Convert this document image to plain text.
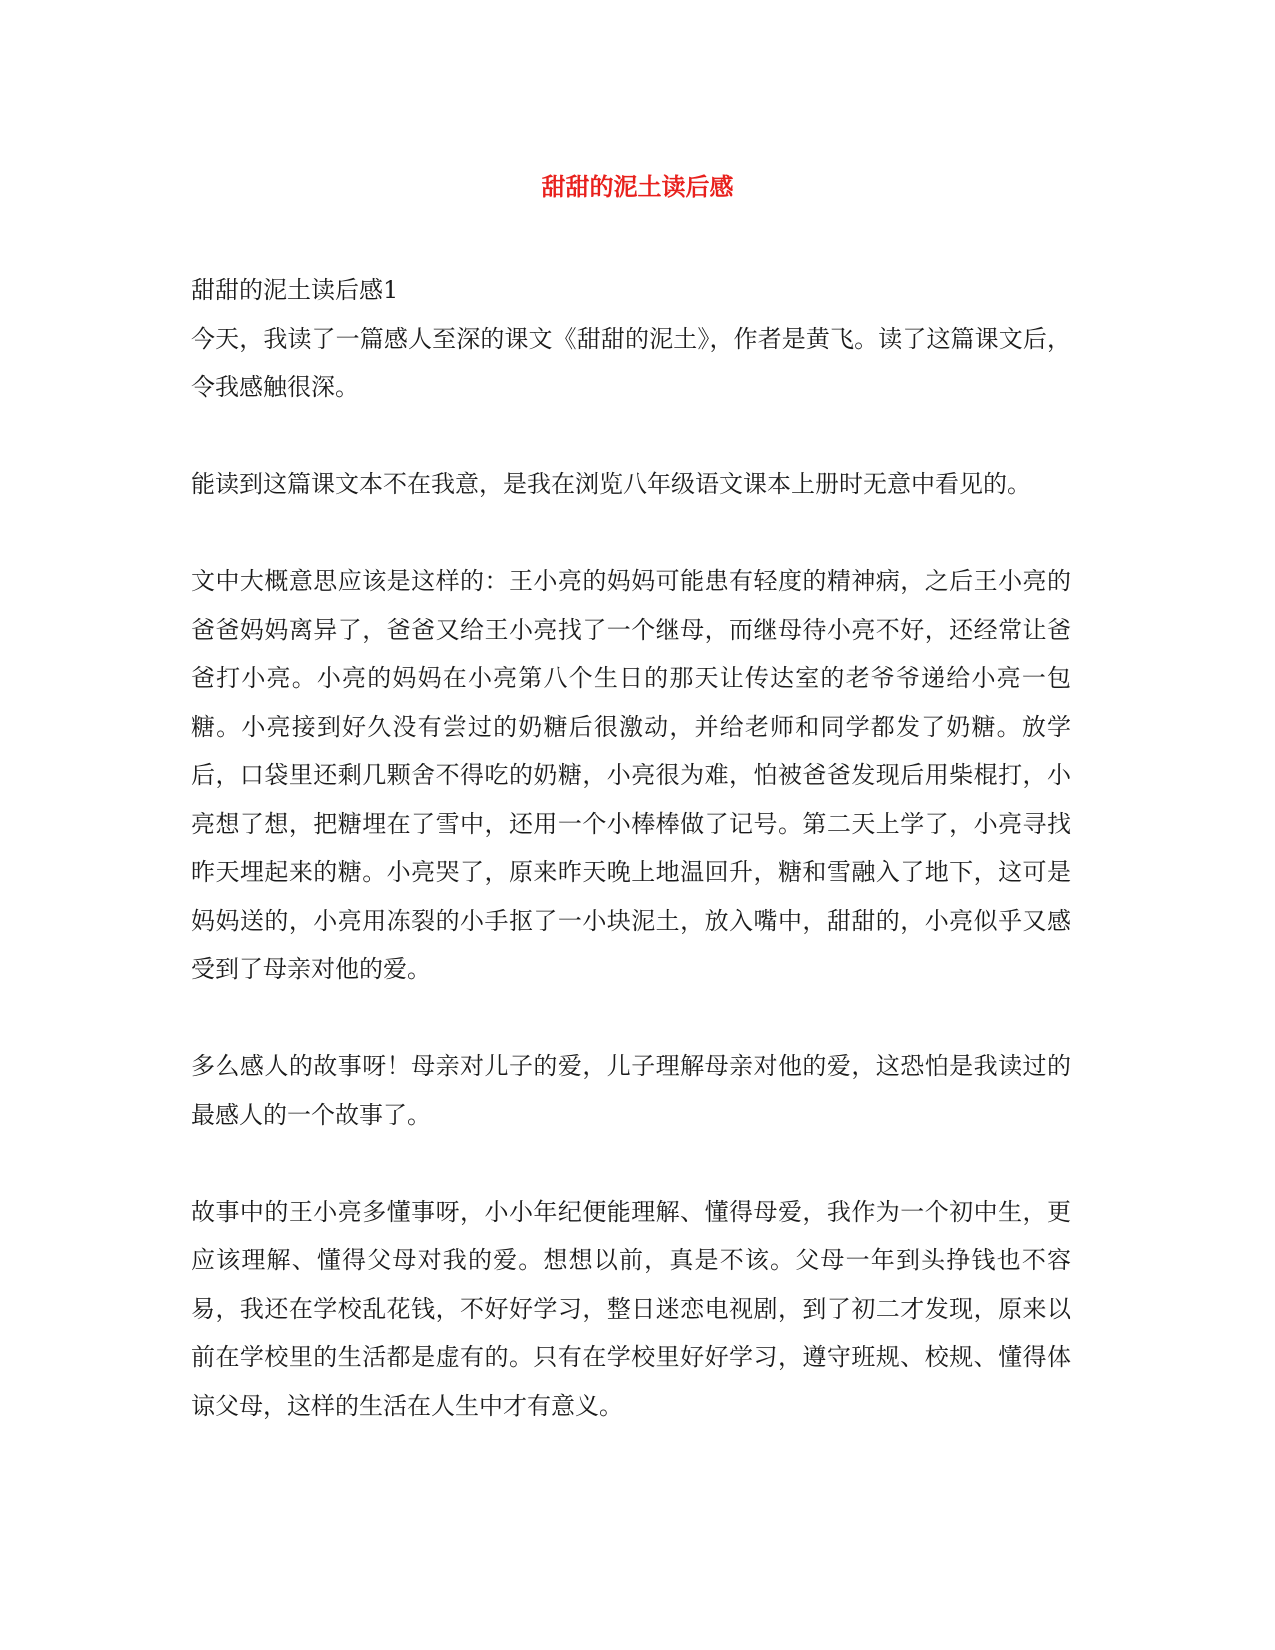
甜甜的泥土读后感

甜甜的泥土读后感1

今天，我读了一篇感人至深的课文《甜甜的泥土》，作者是黄飞。读了这篇课文后，令我感触很深。

能读到这篇课文本不在我意，是我在浏览八年级语文课本上册时无意中看见的。

文中大概意思应该是这样的：王小亮的妈妈可能患有轻度的精神病，之后王小亮的爸爸妈妈离异了，爸爸又给王小亮找了一个继母，而继母待小亮不好，还经常让爸爸打小亮。小亮的妈妈在小亮第八个生日的那天让传达室的老爷爷递给小亮一包糖。小亮接到好久没有尝过的奶糖后很激动，并给老师和同学都发了奶糖。放学后，口袋里还剩几颗舍不得吃的奶糖，小亮很为难，怕被爸爸发现后用柴棍打，小亮想了想，把糖埋在了雪中，还用一个小棒棒做了记号。第二天上学了，小亮寻找昨天埋起来的糖。小亮哭了，原来昨天晚上地温回升，糖和雪融入了地下，这可是妈妈送的，小亮用冻裂的小手抠了一小块泥土，放入嘴中，甜甜的，小亮似乎又感受到了母亲对他的爱。

多么感人的故事呀！母亲对儿子的爱，儿子理解母亲对他的爱，这恐怕是我读过的最感人的一个故事了。

故事中的王小亮多懂事呀，小小年纪便能理解、懂得母爱，我作为一个初中生，更应该理解、懂得父母对我的爱。想想以前，真是不该。父母一年到头挣钱也不容易，我还在学校乱花钱，不好好学习，整日迷恋电视剧，到了初二才发现，原来以前在学校里的生活都是虚有的。只有在学校里好好学习，遵守班规、校规、懂得体谅父母，这样的生活在人生中才有意义。
